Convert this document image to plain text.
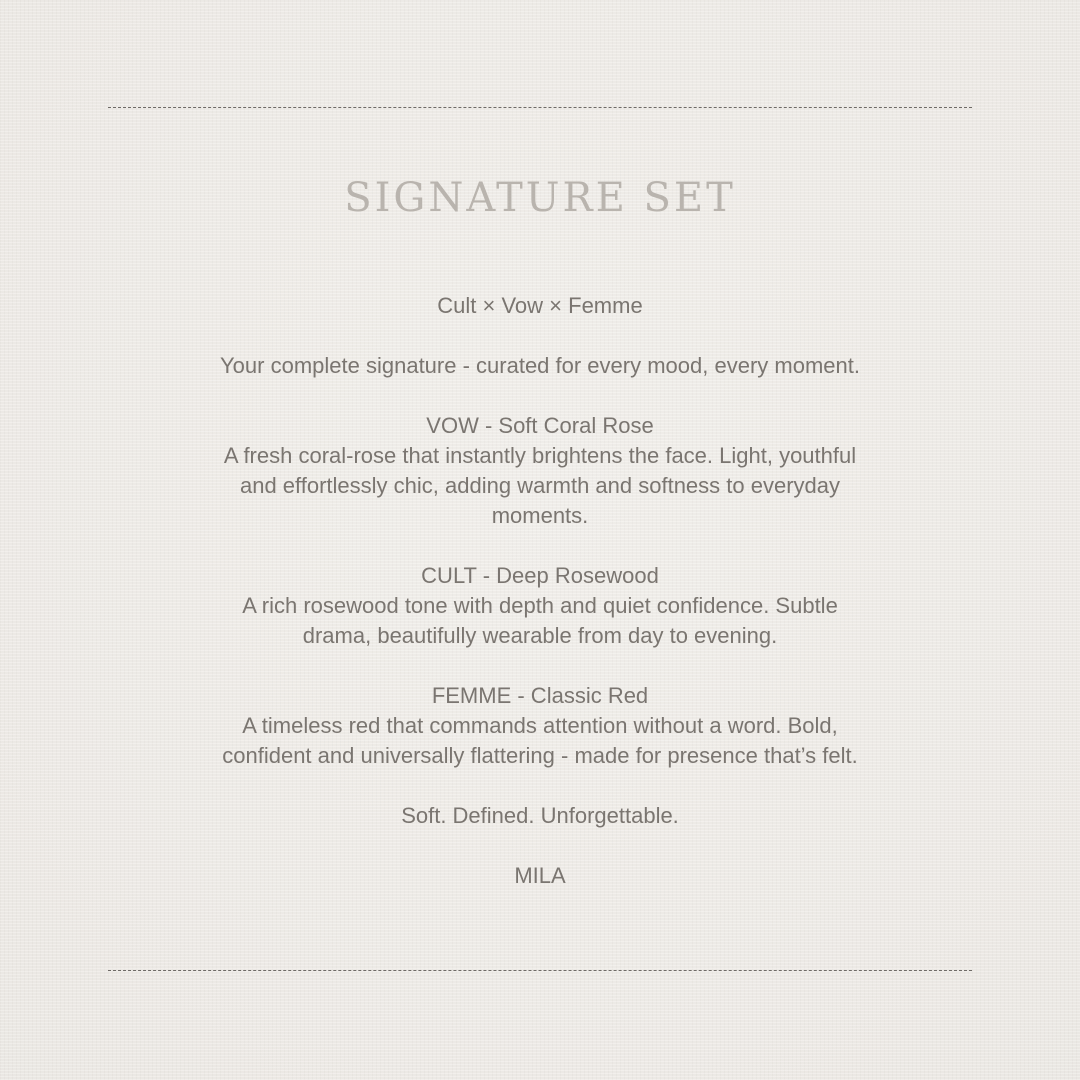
SIGNATURE SET
Cult × Vow × Femme
Your complete signature - curated for every mood, every moment.
VOW - Soft Coral Rose
A fresh coral-rose that instantly brightens the face. Light, youthful
and effortlessly chic, adding warmth and softness to everyday
moments.
CULT - Deep Rosewood
A rich rosewood tone with depth and quiet confidence. Subtle
drama, beautifully wearable from day to evening.
FEMME - Classic Red
A timeless red that commands attention without a word. Bold,
confident and universally flattering - made for presence that’s felt.
Soft. Defined. Unforgettable.
MILA
